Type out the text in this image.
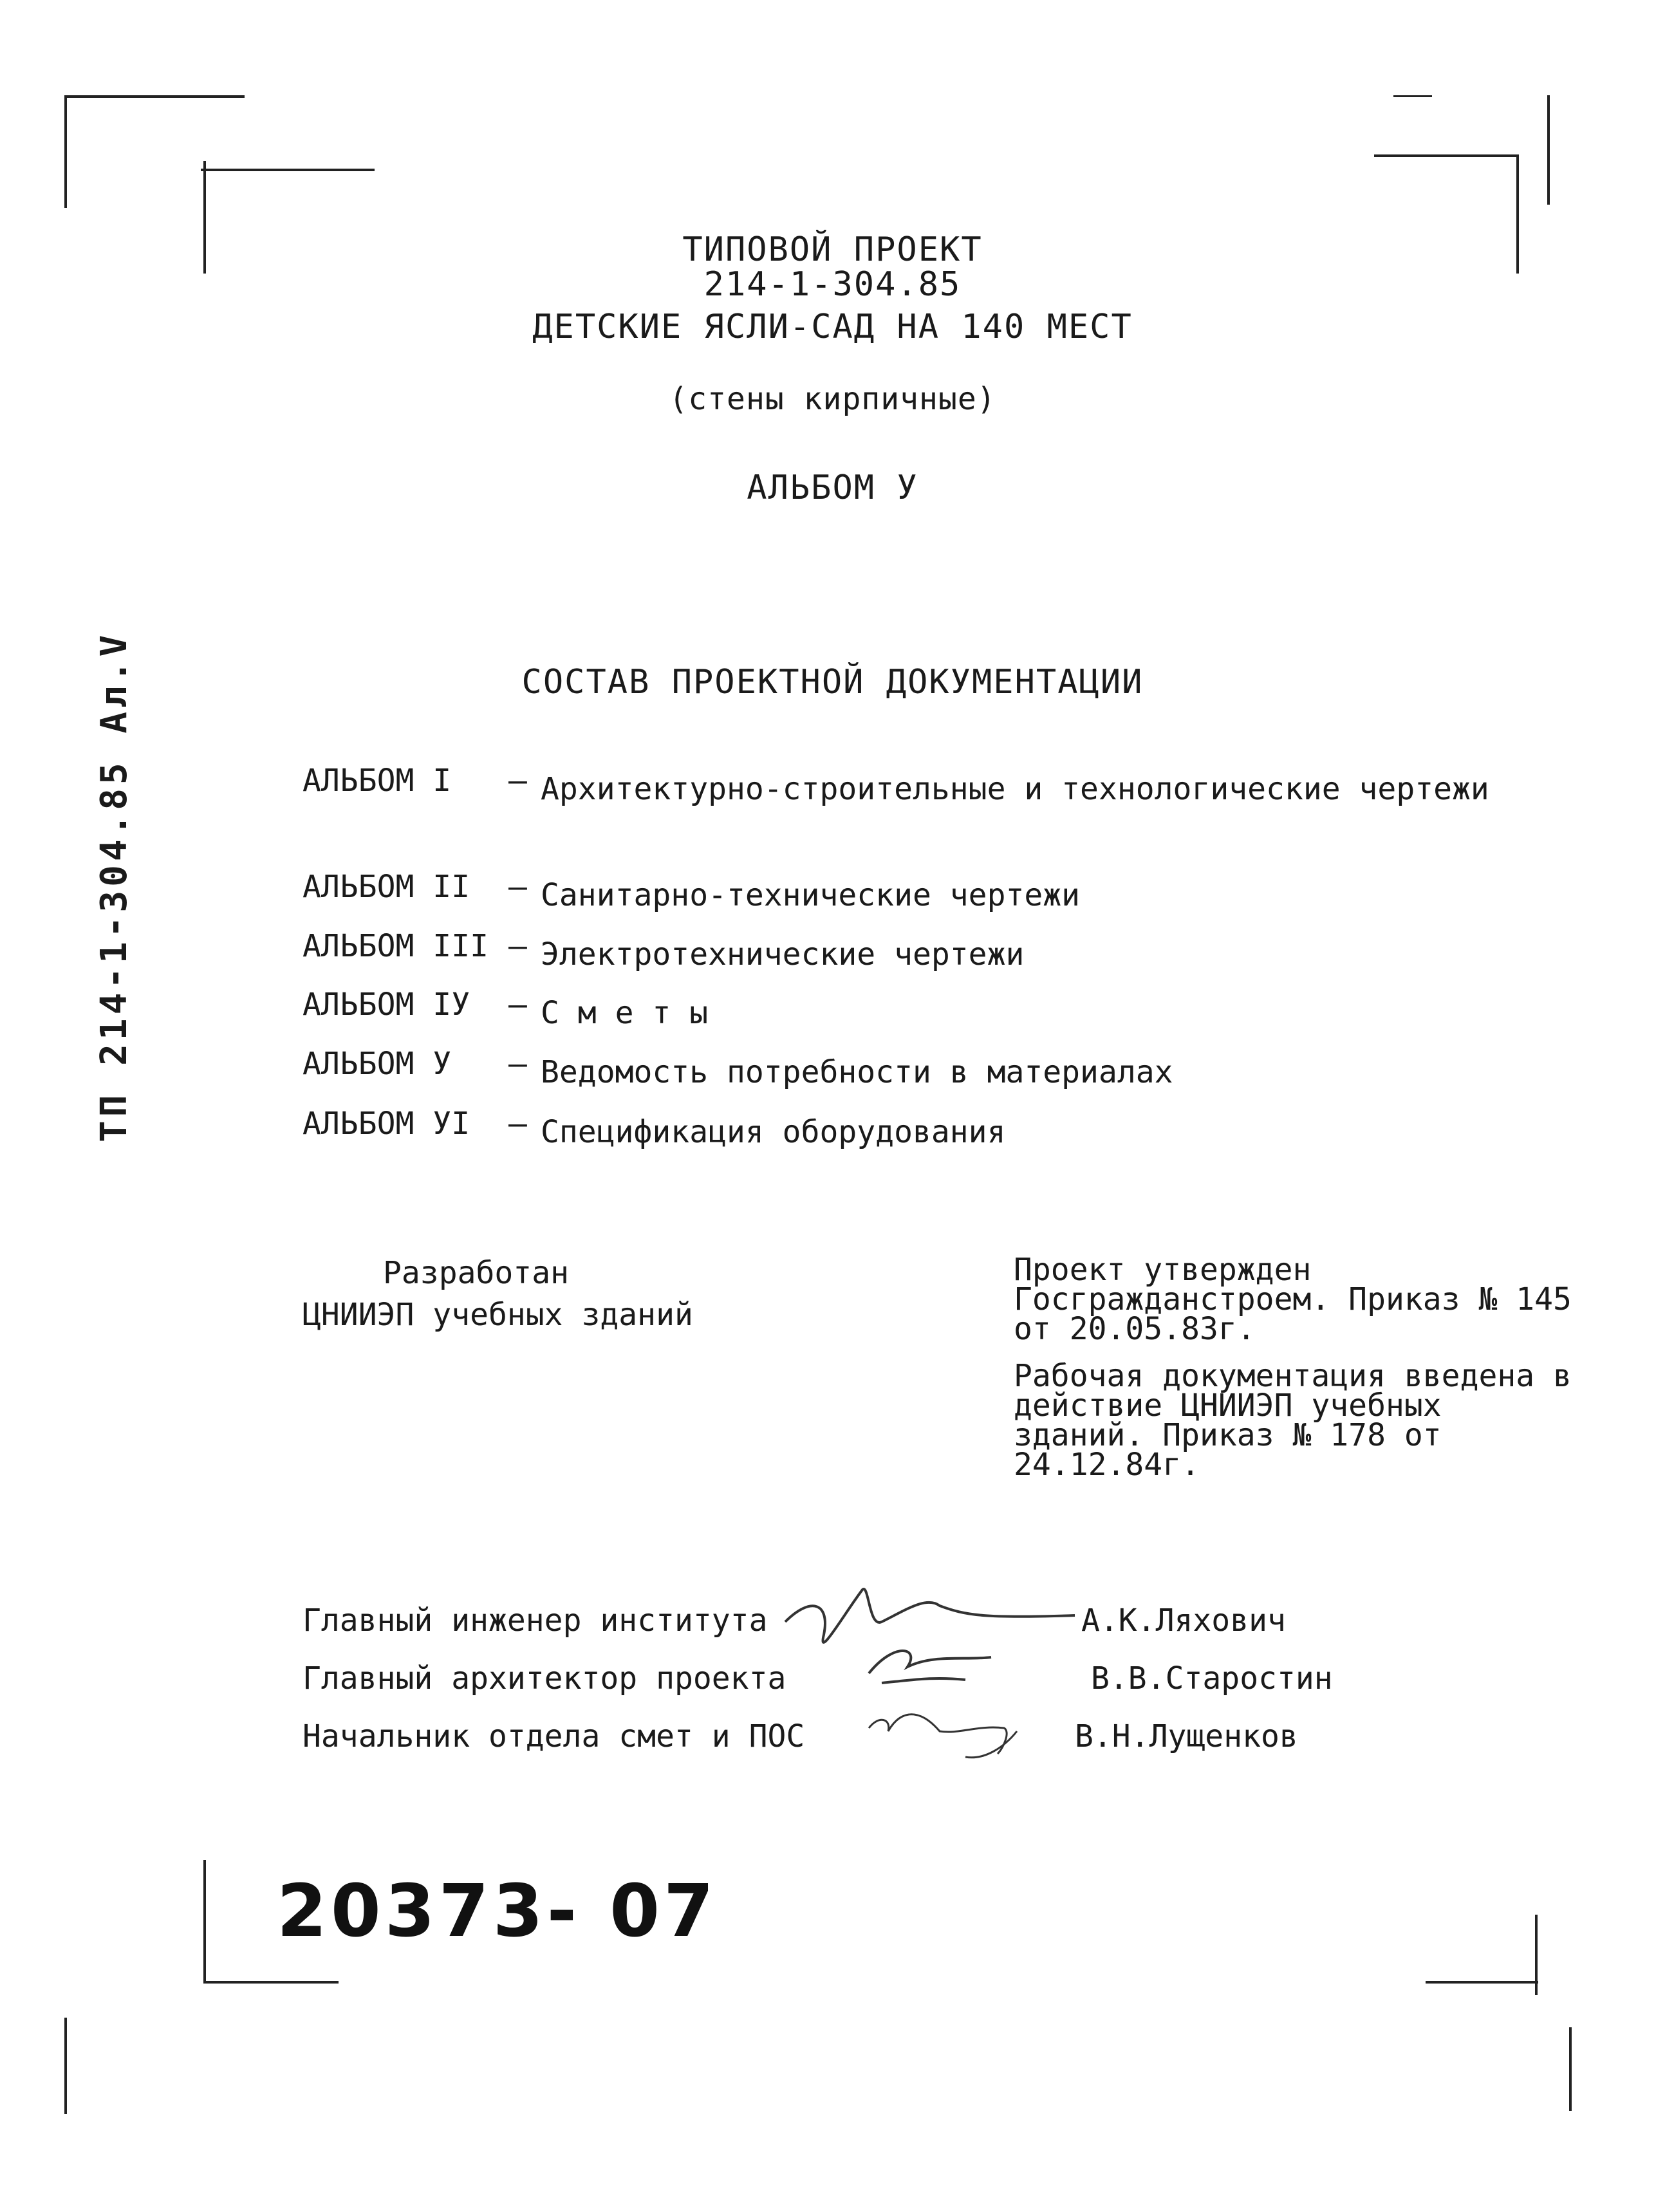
ТИПОВОЙ ПРОЕКТ
214-1-304.85
ДЕТСКИЕ ЯСЛИ-САД НА 140 МЕСТ
(стены кирпичные)
АЛЬБОМ У
СОСТАВ ПРОЕКТНОЙ ДОКУМЕНТАЦИИ
АЛЬБОМ I	– Архитектурно-строительные и технологические чертежи
АЛЬБОМ II	– Санитарно-технические чертежи
АЛЬБОМ III – Электротехнические чертежи
АЛЬБОМ IУ	– С м е т ы
АЛЬБОМ У	– Ведомость потребности в материалах
АЛЬБОМ УI	– Спецификация оборудования
ТП 214-1-304.85 Ал.V
Разработан
ЦНИИЭП учебных зданий
Проект утвержден Госгражданстроем. Приказ № 145 от 20.05.83г.
Рабочая документация введена в действие ЦНИИЭП учебных зданий. Приказ № 178 от 24.12.84г.
Главный инженер института	А.К.Ляхович
Главный архитектор проекта	В.В.Старостин
Начальник отдела смет и ПОС	В.Н.Лущенков
20373- 07
